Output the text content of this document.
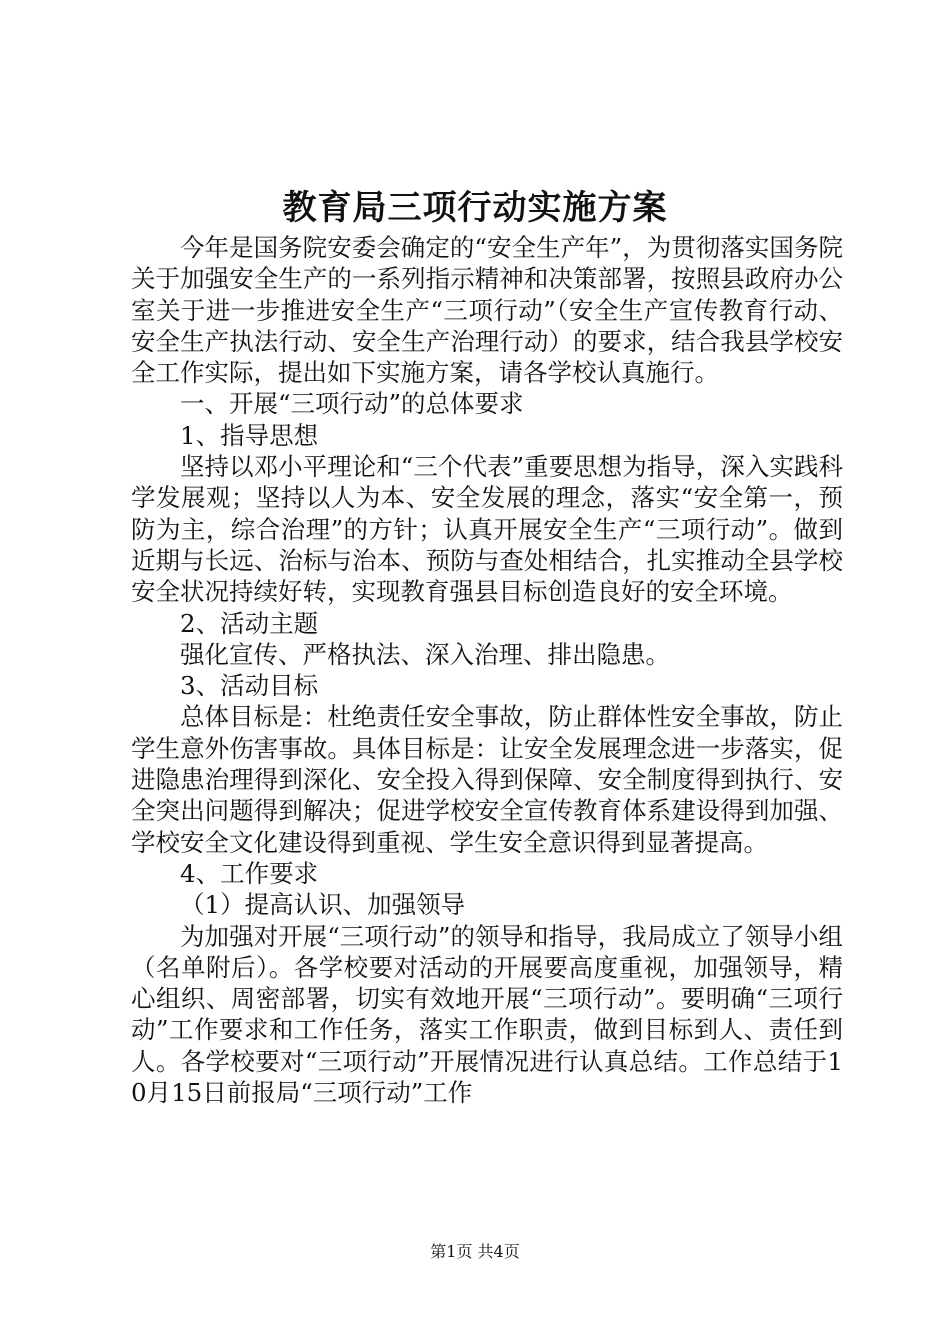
教育局三项行动实施方案

今年是国务院安委会确定的“安全生产年”，为贯彻落实国务院关于加强安全生产的一系列指示精神和决策部署，按照县政府办公室关于进一步推进安全生产“三项行动”（安全生产宣传教育行动、安全生产执法行动、安全生产治理行动）的要求，结合我县学校安全工作实际，提出如下实施方案，请各学校认真施行。

一、开展“三项行动”的总体要求

1、指导思想

坚持以邓小平理论和“三个代表”重要思想为指导，深入实践科学发展观；坚持以人为本、安全发展的理念，落实“安全第一，预防为主，综合治理”的方针；认真开展安全生产“三项行动”。做到近期与长远、治标与治本、预防与查处相结合，扎实推动全县学校安全状况持续好转，实现教育强县目标创造良好的安全环境。

2、活动主题

强化宣传、严格执法、深入治理、排出隐患。

3、活动目标

总体目标是：杜绝责任安全事故，防止群体性安全事故，防止学生意外伤害事故。具体目标是：让安全发展理念进一步落实，促进隐患治理得到深化、安全投入得到保障、安全制度得到执行、安全突出问题得到解决；促进学校安全宣传教育体系建设得到加强、学校安全文化建设得到重视、学生安全意识得到显著提高。

4、工作要求

（1）提高认识、加强领导

为加强对开展“三项行动”的领导和指导，我局成立了领导小组（名单附后）。各学校要对活动的开展要高度重视，加强领导，精心组织、周密部署，切实有效地开展“三项行动”。要明确“三项行动”工作要求和工作任务，落实工作职责，做到目标到人、责任到人。各学校要对“三项行动”开展情况进行认真总结。工作总结于10月15日前报局“三项行动”工作

第1页 共4页
